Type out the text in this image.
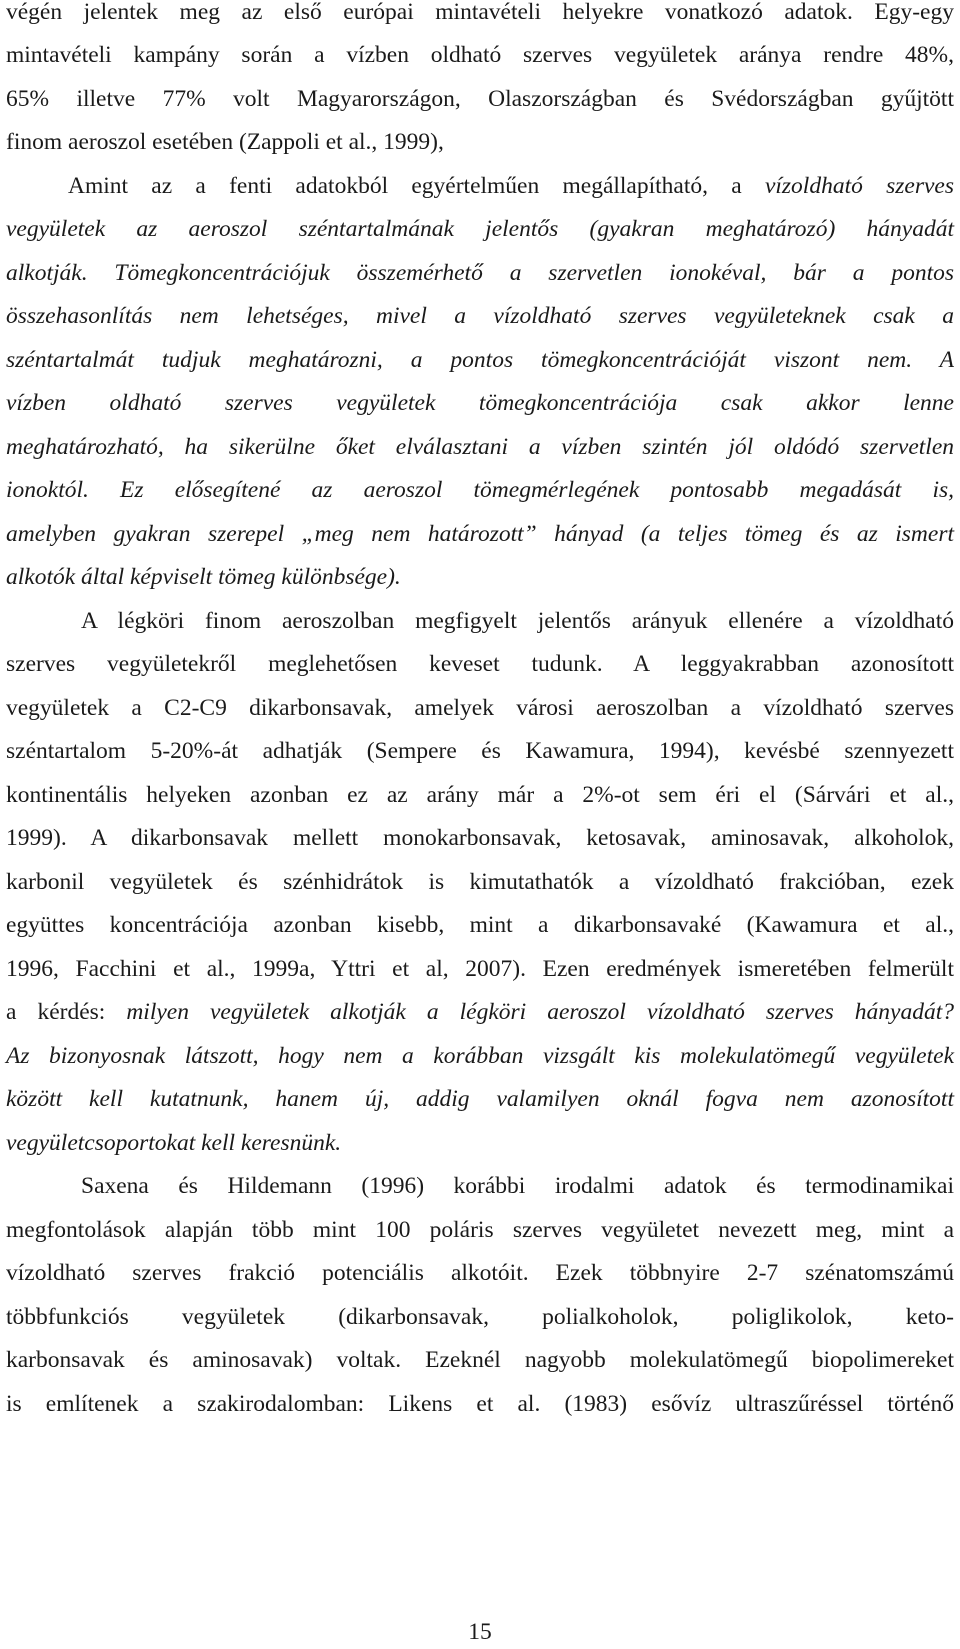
végén jelentek meg az első európai mintavételi helyekre vonatkozó adatok. Egy-egy
mintavételi kampány során a vízben oldható szerves vegyületek aránya rendre 48%,
65% illetve 77% volt Magyarországon, Olaszországban és Svédországban gyűjtött
finom aeroszol esetében (Zappoli et al., 1999),
Amint az a fenti adatokból egyértelműen megállapítható, a vízoldható szerves
vegyületek az aeroszol széntartalmának jelentős (gyakran meghatározó) hányadát
alkotják. Tömegkoncentrációjuk összemérhető a szervetlen ionokéval, bár a pontos
összehasonlítás nem lehetséges, mivel a vízoldható szerves vegyületeknek csak a
széntartalmát tudjuk meghatározni, a pontos tömegkoncentrációját viszont nem. A
vízben oldható szerves vegyületek tömegkoncentrációja csak akkor lenne
meghatározható, ha sikerülne őket elválasztani a vízben szintén jól oldódó szervetlen
ionoktól. Ez elősegítené az aeroszol tömegmérlegének pontosabb megadását is,
amelyben gyakran szerepel „meg nem határozott” hányad (a teljes tömeg és az ismert
alkotók által képviselt tömeg különbsége).
A légköri finom aeroszolban megfigyelt jelentős arányuk ellenére a vízoldható
szerves vegyületekről meglehetősen keveset tudunk. A leggyakrabban azonosított
vegyületek a C2-C9 dikarbonsavak, amelyek városi aeroszolban a vízoldható szerves
széntartalom 5-20%-át adhatják (Sempere és Kawamura, 1994), kevésbé szennyezett
kontinentális helyeken azonban ez az arány már a 2%-ot sem éri el (Sárvári et al.,
1999). A dikarbonsavak mellett monokarbonsavak, ketosavak, aminosavak, alkoholok,
karbonil vegyületek és szénhidrátok is kimutathatók a vízoldható frakcióban, ezek
együttes koncentrációja azonban kisebb, mint a dikarbonsavaké (Kawamura et al.,
1996, Facchini et al., 1999a, Yttri et al, 2007). Ezen eredmények ismeretében felmerült
a kérdés: milyen vegyületek alkotják a légköri aeroszol vízoldható szerves hányadát?
Az bizonyosnak látszott, hogy nem a korábban vizsgált kis molekulatömegű vegyületek
között kell kutatnunk, hanem új, addig valamilyen oknál fogva nem azonosított
vegyületcsoportokat kell keresnünk.
Saxena és Hildemann (1996) korábbi irodalmi adatok és termodinamikai
megfontolások alapján több mint 100 poláris szerves vegyületet nevezett meg, mint a
vízoldható szerves frakció potenciális alkotóit. Ezek többnyire 2-7 szénatomszámú
többfunkciós vegyületek (dikarbonsavak, polialkoholok, poliglikolok, keto-
karbonsavak és aminosavak) voltak. Ezeknél nagyobb molekulatömegű biopolimereket
is említenek a szakirodalomban: Likens et al. (1983) esővíz ultraszűréssel történő
15
